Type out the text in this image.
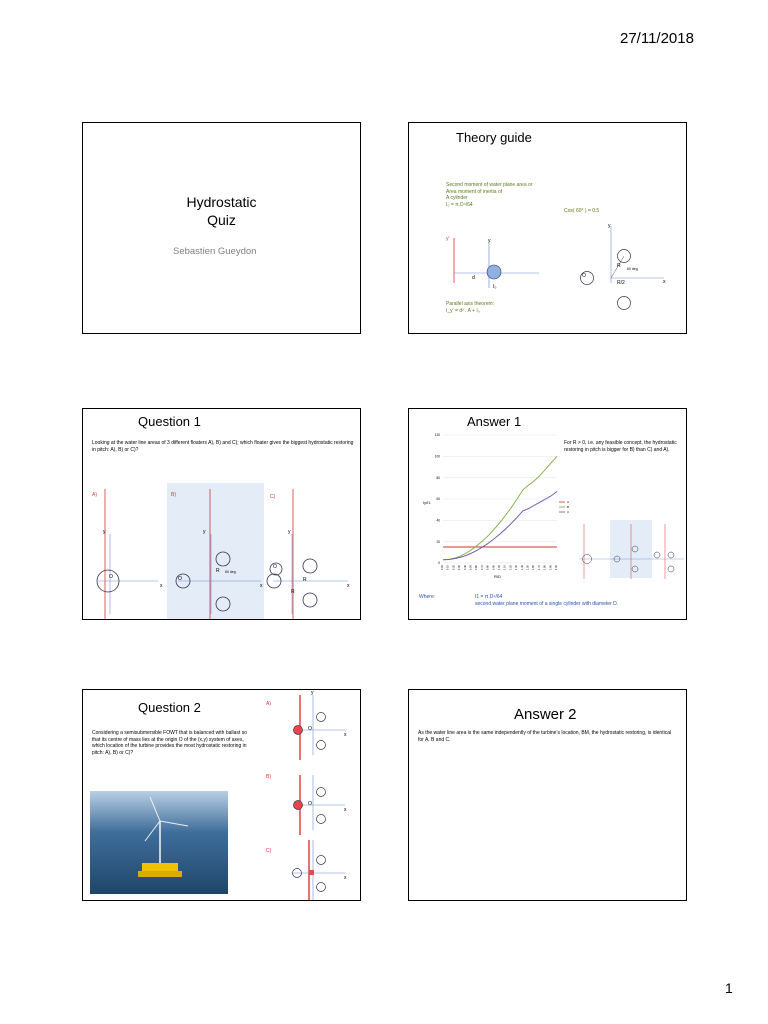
27/11/2018
Hydrostatic
Quiz
Sebastien Gueydon
Theory guide
Second moment of water plane area or
Area moment of inertia of
A cylinder
I₀ = π.D⁴/64
Cos( 60° ) = 0.5
y'	y
d
I₀
y
R 60 deg
O
x
R/2
Parallel axis theorem:
I_y' = d² . A + I₀
Question 1
Looking at the water line areas of 3 different floaters A), B) and C); which floater gives the biggest hydrostatic restoring in pitch: A), B) or C)?
A)	B)	C)
y	y	y
O	O
O
R 60 deg
R
R
x	x	x
Answer 1
0
20
40
60
80
100
120
0.00	0.10	0.20	0.30	0.40	0.50	0.60	0.70	0.80	0.90	1.00	1.10	1.20	1.30	1.40	1.50	1.60	1.70	1.80	1.90	2.00
A
B
C
Iy/I1
R/D
For R > 0, i.e. any feasible concept, the hydrostatic restoring in pitch is bigger for B) than C) and A).
Where:	I1 = π.D⁴/64
second water plane moment of a single cylinder with diameter D.
Question 2
Considering a semisubmersible FOWT that is balanced with ballast so that its centre of mass lies at the origin O of the (x,y) system of axes, which location of the turbine provides the most hydrostatic restoring in pitch: A), B) or C)?
A)
B)
C)
y
x
x
x
O
O
Answer 2
As the water line area is the same independently of the turbine’s location, BM, the hydrostatic restoring, is identical for A, B and C.
1
